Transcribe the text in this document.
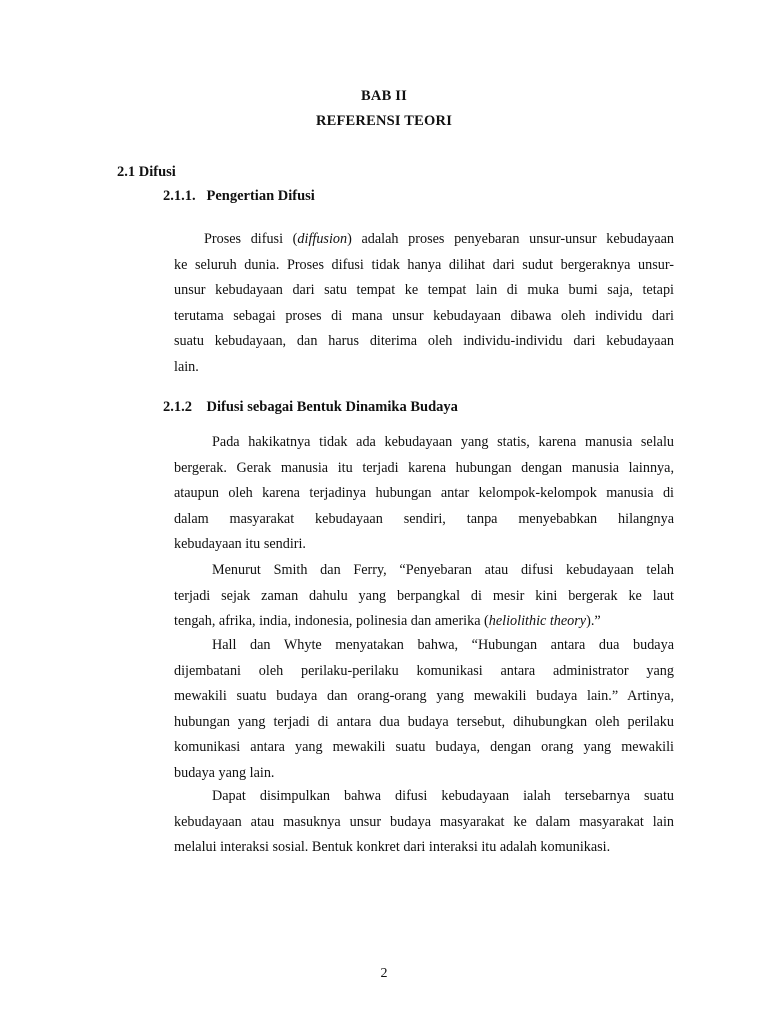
BAB II
REFERENSI TEORI
2.1 Difusi
2.1.1.   Pengertian Difusi
Proses difusi (diffusion) adalah proses penyebaran unsur-unsur kebudayaan
ke seluruh dunia. Proses difusi tidak hanya dilihat dari sudut bergeraknya unsur-
unsur kebudayaan dari satu tempat ke tempat lain di muka bumi saja, tetapi
terutama sebagai proses di mana unsur kebudayaan dibawa oleh individu dari
suatu kebudayaan, dan harus diterima oleh individu-individu dari kebudayaan
lain.
2.1.2    Difusi sebagai Bentuk Dinamika Budaya
Pada hakikatnya tidak ada kebudayaan yang statis, karena manusia selalu
bergerak. Gerak manusia itu terjadi karena hubungan dengan manusia lainnya,
ataupun oleh karena terjadinya hubungan antar kelompok-kelompok manusia di
dalam masyarakat kebudayaan sendiri, tanpa menyebabkan hilangnya
kebudayaan itu sendiri.
Menurut Smith dan Ferry, “Penyebaran atau difusi kebudayaan telah
terjadi sejak zaman dahulu yang berpangkal di mesir kini bergerak ke laut
tengah, afrika, india, indonesia, polinesia dan amerika (heliolithic theory).”
Hall dan Whyte menyatakan bahwa, “Hubungan antara dua budaya
dijembatani oleh perilaku-perilaku komunikasi antara administrator yang
mewakili suatu budaya dan orang-orang yang mewakili budaya lain.” Artinya,
hubungan yang terjadi di antara dua budaya tersebut, dihubungkan oleh perilaku
komunikasi antara yang mewakili suatu budaya, dengan orang yang mewakili
budaya yang lain.
Dapat disimpulkan bahwa difusi kebudayaan ialah tersebarnya suatu
kebudayaan atau masuknya unsur budaya masyarakat ke dalam masyarakat lain
melalui interaksi sosial. Bentuk konkret dari interaksi itu adalah komunikasi.
2
